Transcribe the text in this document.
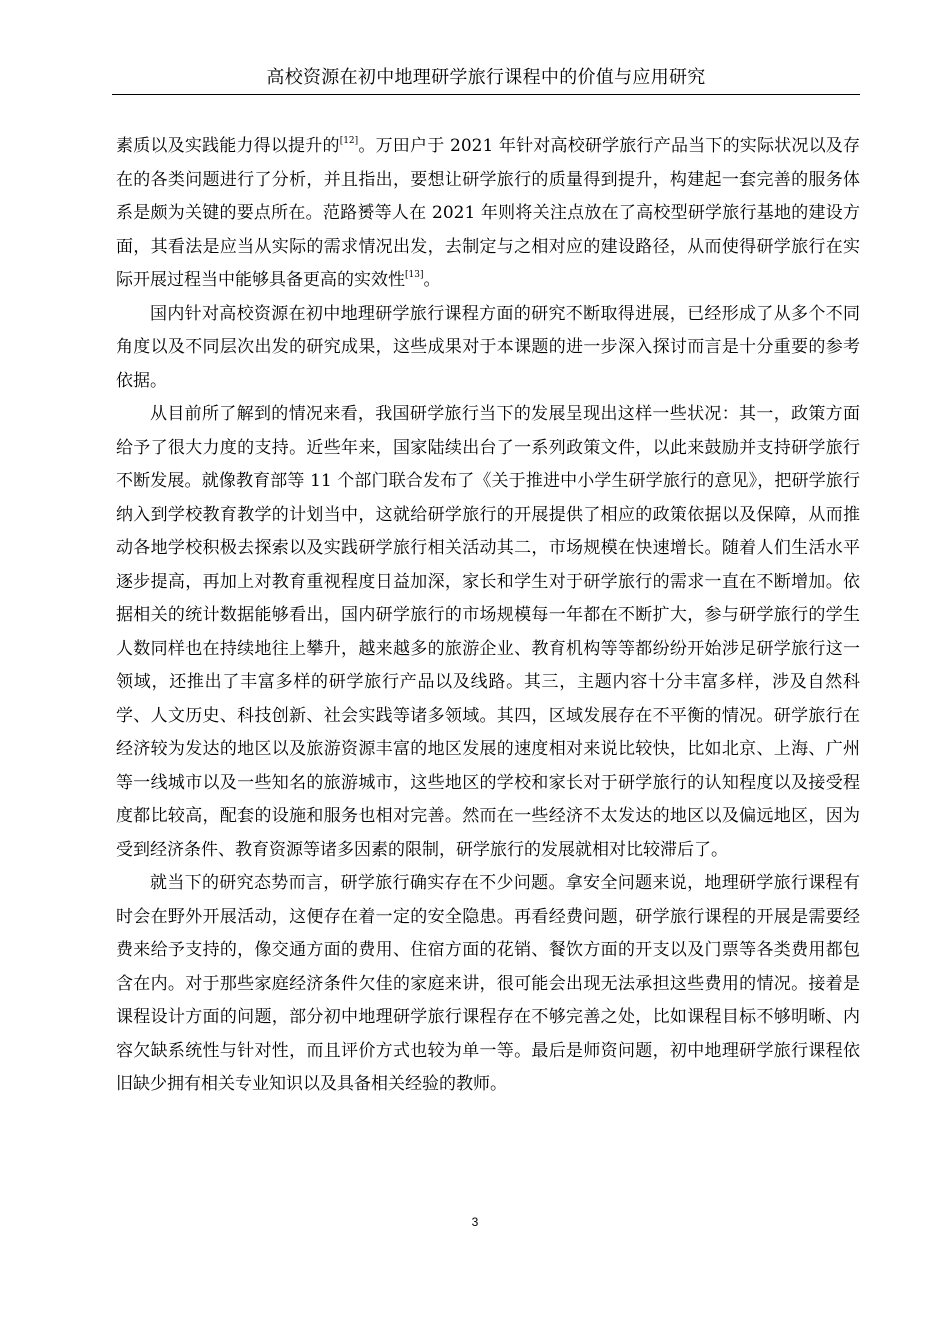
高校资源在初中地理研学旅行课程中的价值与应用研究

素质以及实践能力得以提升的[12]。万田户于 2021 年针对高校研学旅行产品当下的实际状况以及存在的各类问题进行了分析，并且指出，要想让研学旅行的质量得到提升，构建起一套完善的服务体系是颇为关键的要点所在。范路赟等人在 2021 年则将关注点放在了高校型研学旅行基地的建设方面，其看法是应当从实际的需求情况出发，去制定与之相对应的建设路径，从而使得研学旅行在实际开展过程当中能够具备更高的实效性[13]。

国内针对高校资源在初中地理研学旅行课程方面的研究不断取得进展，已经形成了从多个不同角度以及不同层次出发的研究成果，这些成果对于本课题的进一步深入探讨而言是十分重要的参考依据。

从目前所了解到的情况来看，我国研学旅行当下的发展呈现出这样一些状况：其一，政策方面给予了很大力度的支持。近些年来，国家陆续出台了一系列政策文件，以此来鼓励并支持研学旅行不断发展。就像教育部等 11 个部门联合发布了《关于推进中小学生研学旅行的意见》，把研学旅行纳入到学校教育教学的计划当中，这就给研学旅行的开展提供了相应的政策依据以及保障，从而推动各地学校积极去探索以及实践研学旅行相关活动其二，市场规模在快速增长。随着人们生活水平逐步提高，再加上对教育重视程度日益加深，家长和学生对于研学旅行的需求一直在不断增加。依据相关的统计数据能够看出，国内研学旅行的市场规模每一年都在不断扩大，参与研学旅行的学生人数同样也在持续地往上攀升，越来越多的旅游企业、教育机构等等都纷纷开始涉足研学旅行这一领域，还推出了丰富多样的研学旅行产品以及线路。其三，主题内容十分丰富多样，涉及自然科学、人文历史、科技创新、社会实践等诸多领域。其四，区域发展存在不平衡的情况。研学旅行在经济较为发达的地区以及旅游资源丰富的地区发展的速度相对来说比较快，比如北京、上海、广州等一线城市以及一些知名的旅游城市，这些地区的学校和家长对于研学旅行的认知程度以及接受程度都比较高，配套的设施和服务也相对完善。然而在一些经济不太发达的地区以及偏远地区，因为受到经济条件、教育资源等诸多因素的限制，研学旅行的发展就相对比较滞后了。

就当下的研究态势而言，研学旅行确实存在不少问题。拿安全问题来说，地理研学旅行课程有时会在野外开展活动，这便存在着一定的安全隐患。再看经费问题，研学旅行课程的开展是需要经费来给予支持的，像交通方面的费用、住宿方面的花销、餐饮方面的开支以及门票等各类费用都包含在内。对于那些家庭经济条件欠佳的家庭来讲，很可能会出现无法承担这些费用的情况。接着是课程设计方面的问题，部分初中地理研学旅行课程存在不够完善之处，比如课程目标不够明晰、内容欠缺系统性与针对性，而且评价方式也较为单一等。最后是师资问题，初中地理研学旅行课程依旧缺少拥有相关专业知识以及具备相关经验的教师。

3
